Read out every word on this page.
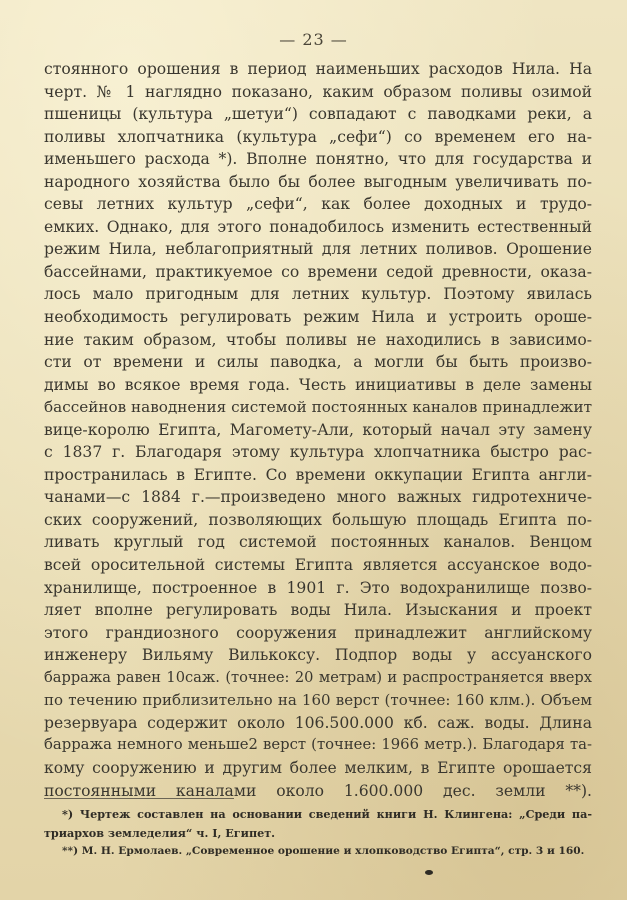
— 23 —
стоянного орошения в период наименьших расходов Нила. На
черт. № 1 наглядно показано, каким образом поливы озимой
пшеницы (культура „шетуи“) совпадают с паводками реки, а
поливы хлопчатника (культура „сефи“) со временем его на-
именьшего расхода *). Вполне понятно, что для государства и
народного хозяйства было бы более выгодным увеличивать по-
севы летних культур „сефи“, как более доходных и трудо-
емких. Однако, для этого понадобилось изменить естественный
режим Нила, неблагоприятный для летних поливов. Орошение
бассейнами, практикуемое со времени седой древности, оказа-
лось мало пригодным для летних культур. Поэтому явилась
необходимость регулировать режим Нила и устроить ороше-
ние таким образом, чтобы поливы не находились в зависимо-
сти от времени и силы паводка, а могли бы быть произво-
димы во всякое время года. Честь инициативы в деле замены
бассейнов наводнения системой постоянных каналов принадлежит
вице-королю Египта, Магомету-Али, который начал эту замену
с 1837 г. Благодаря этому культура хлопчатника быстро рас-
пространилась в Египте. Со времени оккупации Египта англи-
чанами—с 1884 г.—произведено много важных гидротехниче-
ских сооружений, позволяющих большую площадь Египта по-
ливать круглый год системой постоянных каналов. Венцом
всей оросительной системы Египта является ассуанское водо-
хранилище, построенное в 1901 г. Это водохранилище позво-
ляет вполне регулировать воды Нила. Изыскания и проект
этого грандиозного сооружения принадлежит английскому
инженеру Вильяму Вилькоксу. Подпор воды у ассуанского
барража равен 10саж. (точнее: 20 метрам) и распространяется вверх
по течению приблизительно на 160 верст (точнее: 160 клм.). Объем
резервуара содержит около 106.500.000 кб. саж. воды. Длина
барража немного меньше2 верст (точнее: 1966 метр.). Благодаря та-
кому сооружению и другим более мелким, в Египте орошается
постоянными каналами около 1.600.000 дес. земли **).
*) Чертеж составлен на основании сведений книги Н. Клингена: „Среди па-
триархов земледелия“ ч. I, Египет.
**) М. Н. Ермолаев. „Современное орошение и хлопководство Египта“, стр. 3 и 160.
